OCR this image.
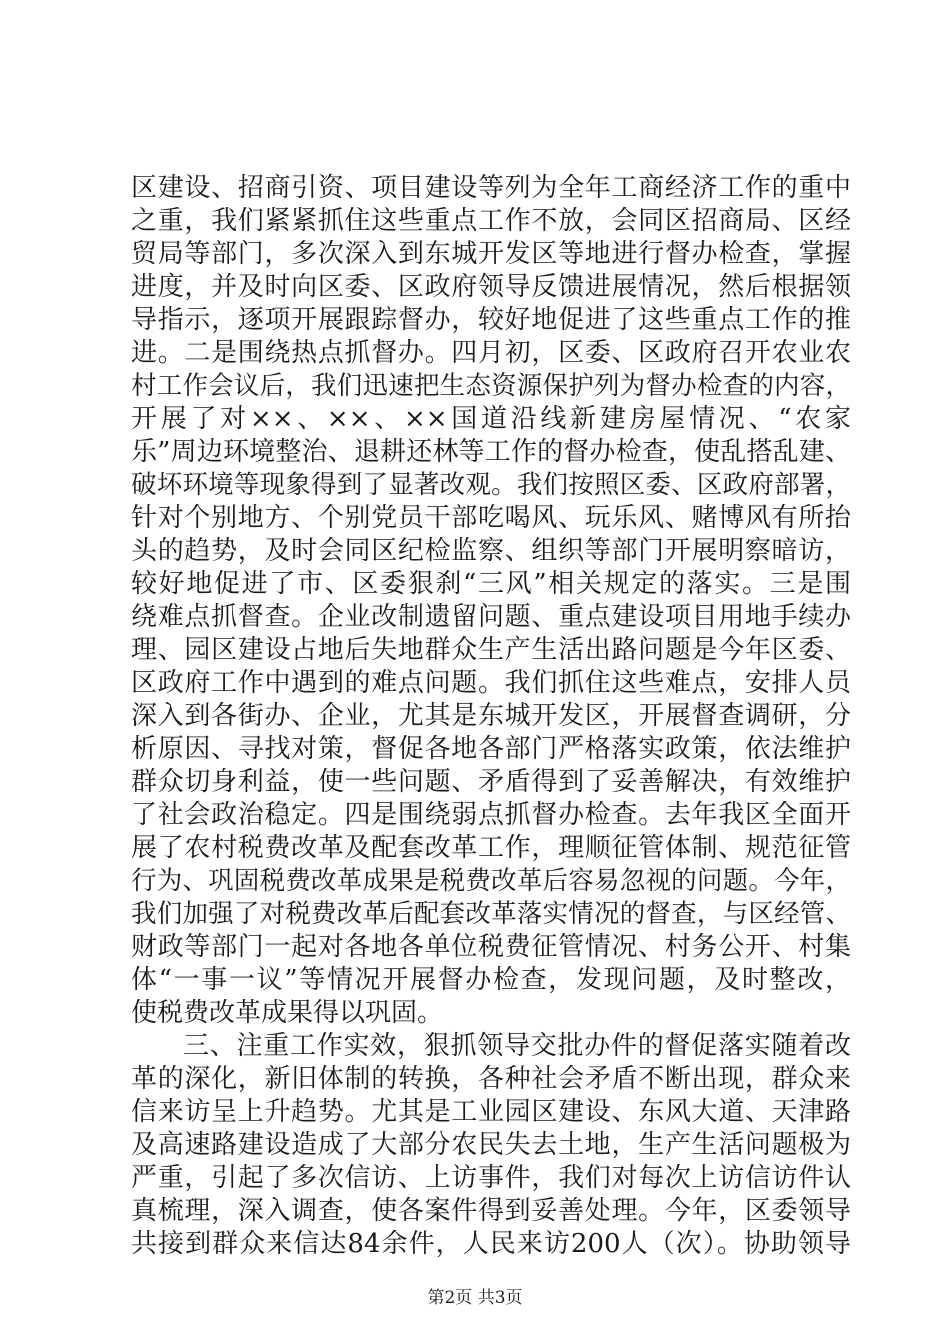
区建设、招商引资、项目建设等列为全年工商经济工作的重中
之重，我们紧紧抓住这些重点工作不放，会同区招商局、区经
贸局等部门，多次深入到东城开发区等地进行督办检查，掌握
进度，并及时向区委、区政府领导反馈进展情况，然后根据领
导指示，逐项开展跟踪督办，较好地促进了这些重点工作的推
进。二是围绕热点抓督办。四月初，区委、区政府召开农业农
村工作会议后，我们迅速把生态资源保护列为督办检查的内容，
开展了对××、××、××国道沿线新建房屋情况、“农家
乐”周边环境整治、退耕还林等工作的督办检查，使乱搭乱建、
破坏环境等现象得到了显著改观。我们按照区委、区政府部署，
针对个别地方、个别党员干部吃喝风、玩乐风、赌博风有所抬
头的趋势，及时会同区纪检监察、组织等部门开展明察暗访，
较好地促进了市、区委狠刹“三风”相关规定的落实。三是围
绕难点抓督查。企业改制遗留问题、重点建设项目用地手续办
理、园区建设占地后失地群众生产生活出路问题是今年区委、
区政府工作中遇到的难点问题。我们抓住这些难点，安排人员
深入到各街办、企业，尤其是东城开发区，开展督查调研，分
析原因、寻找对策，督促各地各部门严格落实政策，依法维护
群众切身利益，使一些问题、矛盾得到了妥善解决，有效维护
了社会政治稳定。四是围绕弱点抓督办检查。去年我区全面开
展了农村税费改革及配套改革工作，理顺征管体制、规范征管
行为、巩固税费改革成果是税费改革后容易忽视的问题。今年，
我们加强了对税费改革后配套改革落实情况的督查，与区经管、
财政等部门一起对各地各单位税费征管情况、村务公开、村集
体“一事一议”等情况开展督办检查，发现问题，及时整改，
使税费改革成果得以巩固。
三、注重工作实效，狠抓领导交批办件的督促落实随着改
革的深化，新旧体制的转换，各种社会矛盾不断出现，群众来
信来访呈上升趋势。尤其是工业园区建设、东风大道、天津路
及高速路建设造成了大部分农民失去土地，生产生活问题极为
严重，引起了多次信访、上访事件，我们对每次上访信访件认
真梳理，深入调查，使各案件得到妥善处理。今年，区委领导
共接到群众来信达84余件，人民来访200人（次）。协助领导
第2页 共3页
